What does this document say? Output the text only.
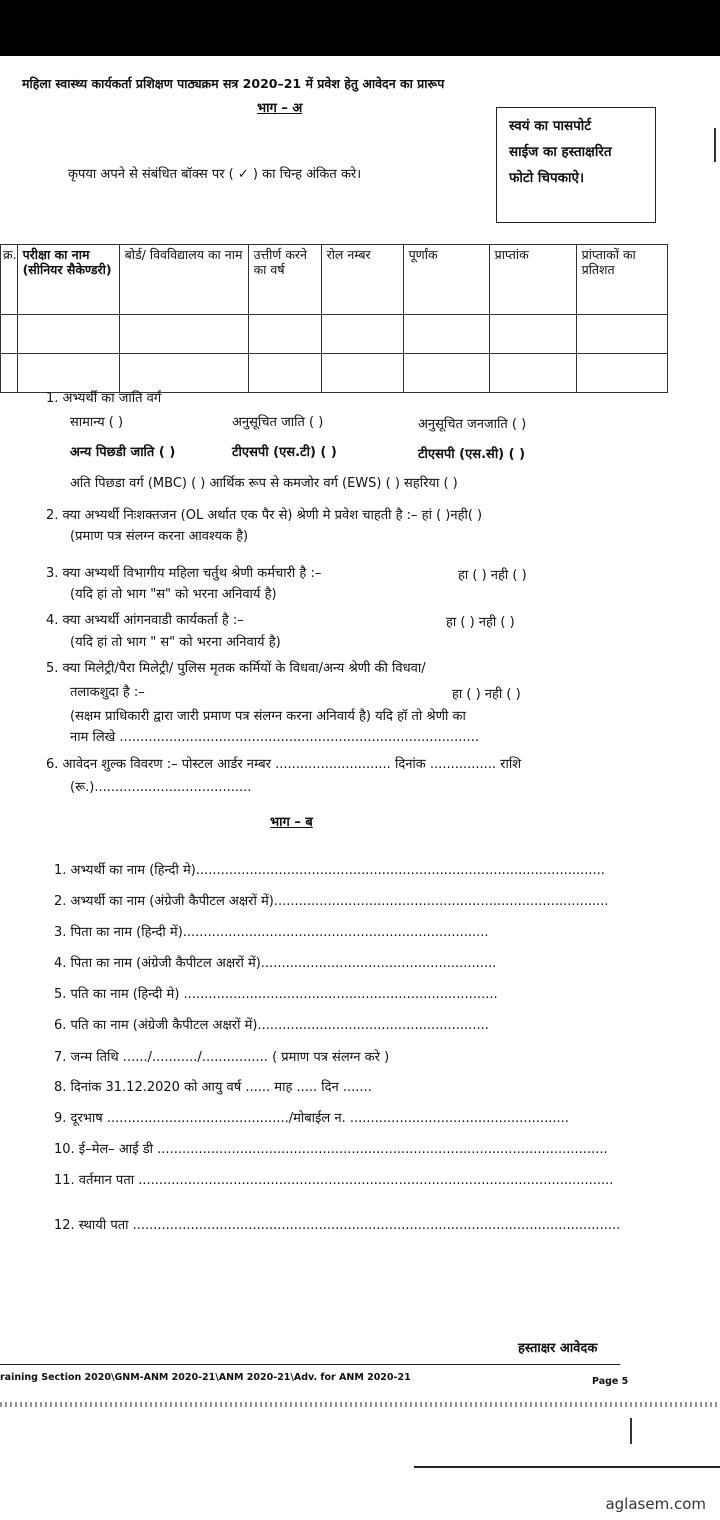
महिला स्वास्थ्य कार्यकर्ता प्रशिक्षण पाठ्यक्रम सत्र 2020–21 में प्रवेश हेतु आवेदन का प्रारूप
भाग – अ
कृपया अपने से संबंधित बॉक्स पर ( ✓ ) का चिन्ह अंकित करे।
स्वयं का पासपोर्ट
साईज का हस्ताक्षरित
फोटो चिपकाऐ।
क्र.	परीक्षा का नाम (सीनियर सैकेण्डरी)	बोर्ड/ विवविद्यालय का नाम	उत्तीर्ण करने का वर्ष	रोल नम्बर	पूर्णांक	प्राप्तांक	प्रांप्ताकों का प्रतिशत

1. अभ्यर्थी का जाति वर्ग
सामान्य ( )	अनुसूचित जाति ( )	अनुसूचित जनजाति ( )
अन्य पिछडी जाति ( )	टीएसपी (एस.टी) ( )	टीएसपी (एस.सी) ( )
अति पिछडा वर्ग (MBC) ( ) आर्थिक रूप से कमजोर वर्ग (EWS) ( ) सहरिया ( )
2. क्या अभ्यर्थी निःशक्तजन (OL अर्थात एक पैर से) श्रेणी मे प्रवेश चाहती है :– हां ( )नही( )
(प्रमाण पत्र संलग्न करना आवश्यक है)
3. क्या अभ्यर्थी विभागीय महिला चर्तुथ श्रेणी कर्मचारी है :–	हा ( ) नही ( )
(यदि हां तो भाग "स" को भरना अनिवार्य है)
4. क्या अभ्यर्थी आंगनवाडी कार्यकर्ता है :–	हा ( ) नही ( )
(यदि हां तो भाग " स" को भरना अनिवार्य है)
5. क्या मिलेट्री/पैरा मिलेट्री/ पुलिस मृतक कर्मियों के विधवा/अन्य श्रेणी की विधवा/
तलाकशुदा है :–	हा ( ) नही ( )
(सक्षम प्राधिकारी द्वारा जारी प्रमाण पत्र संलग्न करना अनिवार्य है) यदि हॉ तो श्रेणी का
नाम लिखे .......................................................................................
6. आवेदन शुल्क विवरण :– पोस्टल आर्डर नम्बर ............................ दिनांक ................ राशि
(रू.)......................................
भाग – ब
1. अभ्यर्थी का नाम (हिन्दी मे)...................................................................................................
2. अभ्यर्थी का नाम (अंग्रेजी कैपीटल अक्षरों में).................................................................................
3. पिता का नाम (हिन्दी में)..........................................................................
4. पिता का नाम (अंग्रेजी कैपीटल अक्षरों में).........................................................
5. पति का नाम (हिन्दी मे) ............................................................................
6. पति का नाम (अंग्रेजी कैपीटल अक्षरों में)........................................................
7. जन्म तिथि ....../.........../................ ( प्रमाण पत्र संलग्न करे )
8. दिनांक 31.12.2020 को आयु वर्ष ...... माह ..... दिन .......
9. दूरभाष ............................................/मोबाईल न. .....................................................
10. ई–मेल– आई डी .............................................................................................................
11. वर्तमान पता ...................................................................................................................
12. स्थायी पता ......................................................................................................................
हस्ताक्षर आवेदक
raining Section 2020\GNM-ANM 2020-21\ANM 2020-21\Adv. for ANM 2020-21	Page 5
aglasem.com
